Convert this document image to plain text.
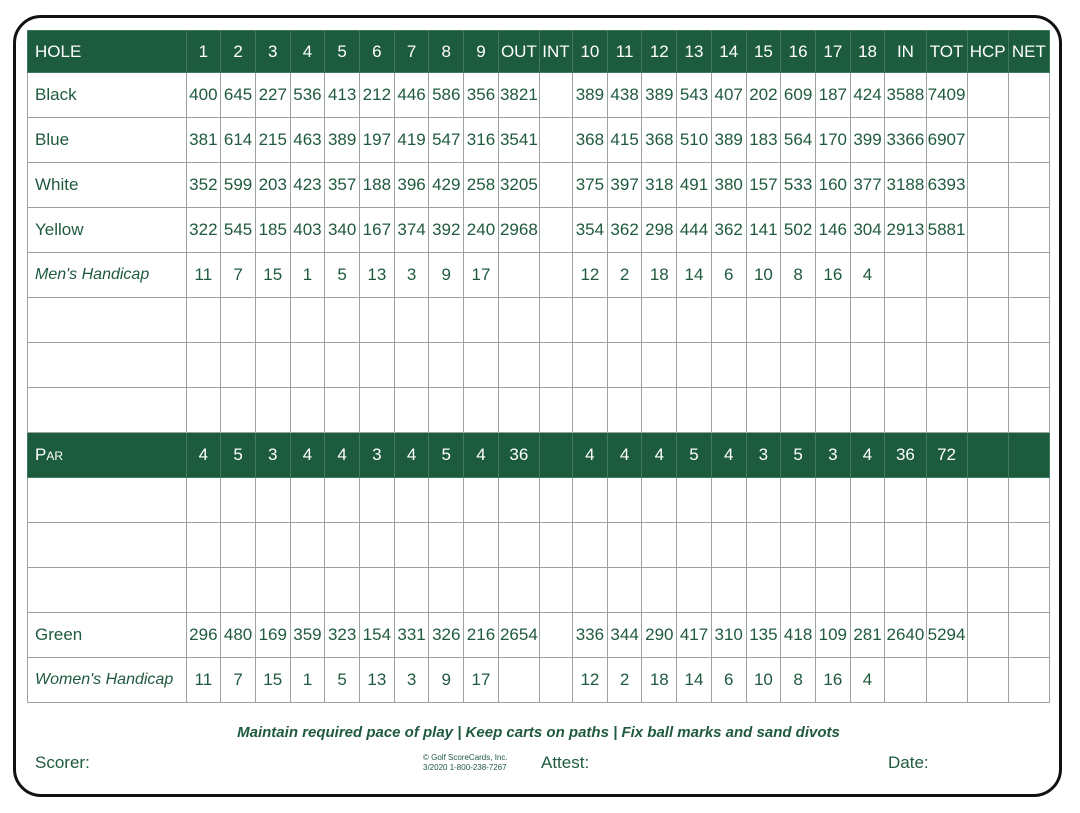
HOLE	1	2	3	4	5	6	7	8	9	OUT	INT	10	11	12	13	14	15	16	17	18	IN	TOT	HCP	NET
Black	400	645	227	536	413	212	446	586	356	3821		389	438	389	543	407	202	609	187	424	3588	7409		
Blue	381	614	215	463	389	197	419	547	316	3541		368	415	368	510	389	183	564	170	399	3366	6907		
White	352	599	203	423	357	188	396	429	258	3205		375	397	318	491	380	157	533	160	377	3188	6393		
Yellow	322	545	185	403	340	167	374	392	240	2968		354	362	298	444	362	141	502	146	304	2913	5881		
Men's Handicap	11	7	15	1	5	13	3	9	17			12	2	18	14	6	10	8	16	4				

Par	4	5	3	4	4	3	4	5	4	36		4	4	4	5	4	3	5	3	4	36	72		

Green	296	480	169	359	323	154	331	326	216	2654		336	344	290	417	310	135	418	109	281	2640	5294		
Women's Handicap	11	7	15	1	5	13	3	9	17			12	2	18	14	6	10	8	16	4				
Maintain required pace of play | Keep carts on paths | Fix ball marks and sand divots
Scorer:	© Golf ScoreCards, Inc.
3/2020 1-800-238-7267 Attest:	Date:
